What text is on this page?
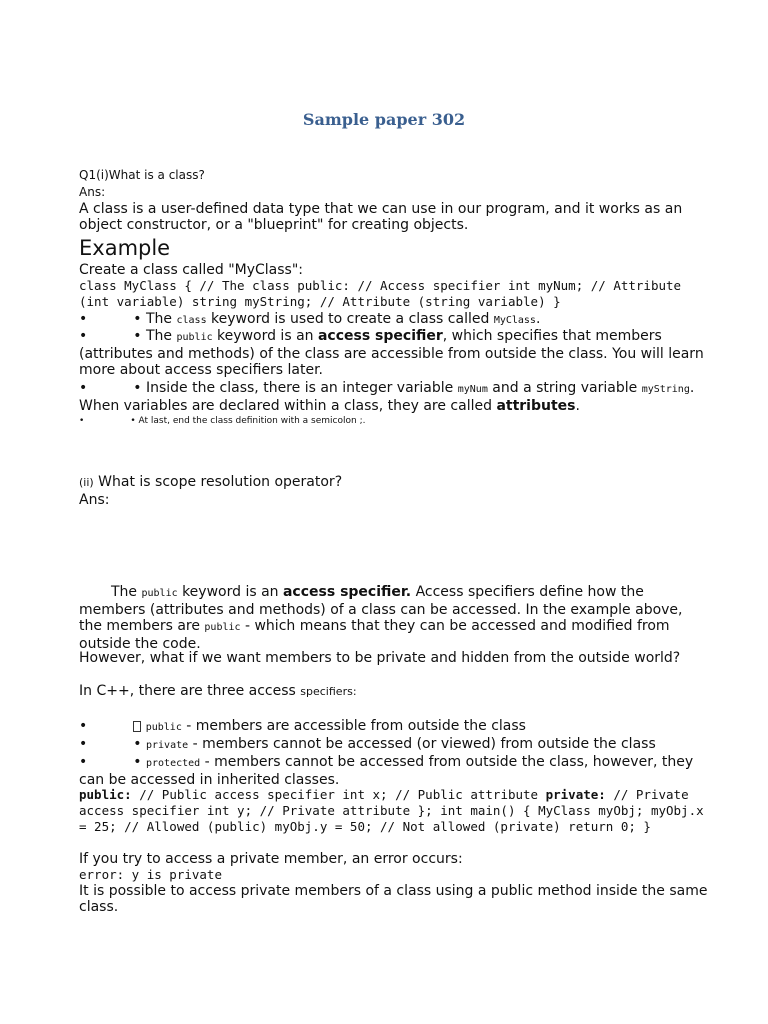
Sample paper 302
Q1(i)What is a class?
Ans:
A class is a user-defined data type that we can use in our program, and it works as an object constructor, or a "blueprint" for creating objects.
Example
Create a class called "MyClass":
class MyClass { // The class public: // Access specifier int myNum; // Attribute (int variable) string myString; // Attribute (string variable) }
•	• The class keyword is used to create a class called MyClass.
•	• The public keyword is an access specifier, which specifies that members (attributes and methods) of the class are accessible from outside the class. You will learn more about access specifiers later.
•	• Inside the class, there is an integer variable myNum and a string variable myString. When variables are declared within a class, they are called attributes.
•	• At last, end the class definition with a semicolon ;.
(ii) What is scope resolution operator?
Ans:
The public keyword is an access specifier. Access specifiers define how the members (attributes and methods) of a class can be accessed. In the example above, the members are public - which means that they can be accessed and modified from outside the code.
However, what if we want members to be private and hidden from the outside world?
In C++, there are three access specifiers:
•	public - members are accessible from outside the class
•	• private - members cannot be accessed (or viewed) from outside the class
•	• protected - members cannot be accessed from outside the class, however, they can be accessed in inherited classes.
public: // Public access specifier int x; // Public attribute private: // Private access specifier int y; // Private attribute }; int main() { MyClass myObj; myObj.x = 25; // Allowed (public) myObj.y = 50; // Not allowed (private) return 0; }
If you try to access a private member, an error occurs:
error: y is private
It is possible to access private members of a class using a public method inside the same class.
